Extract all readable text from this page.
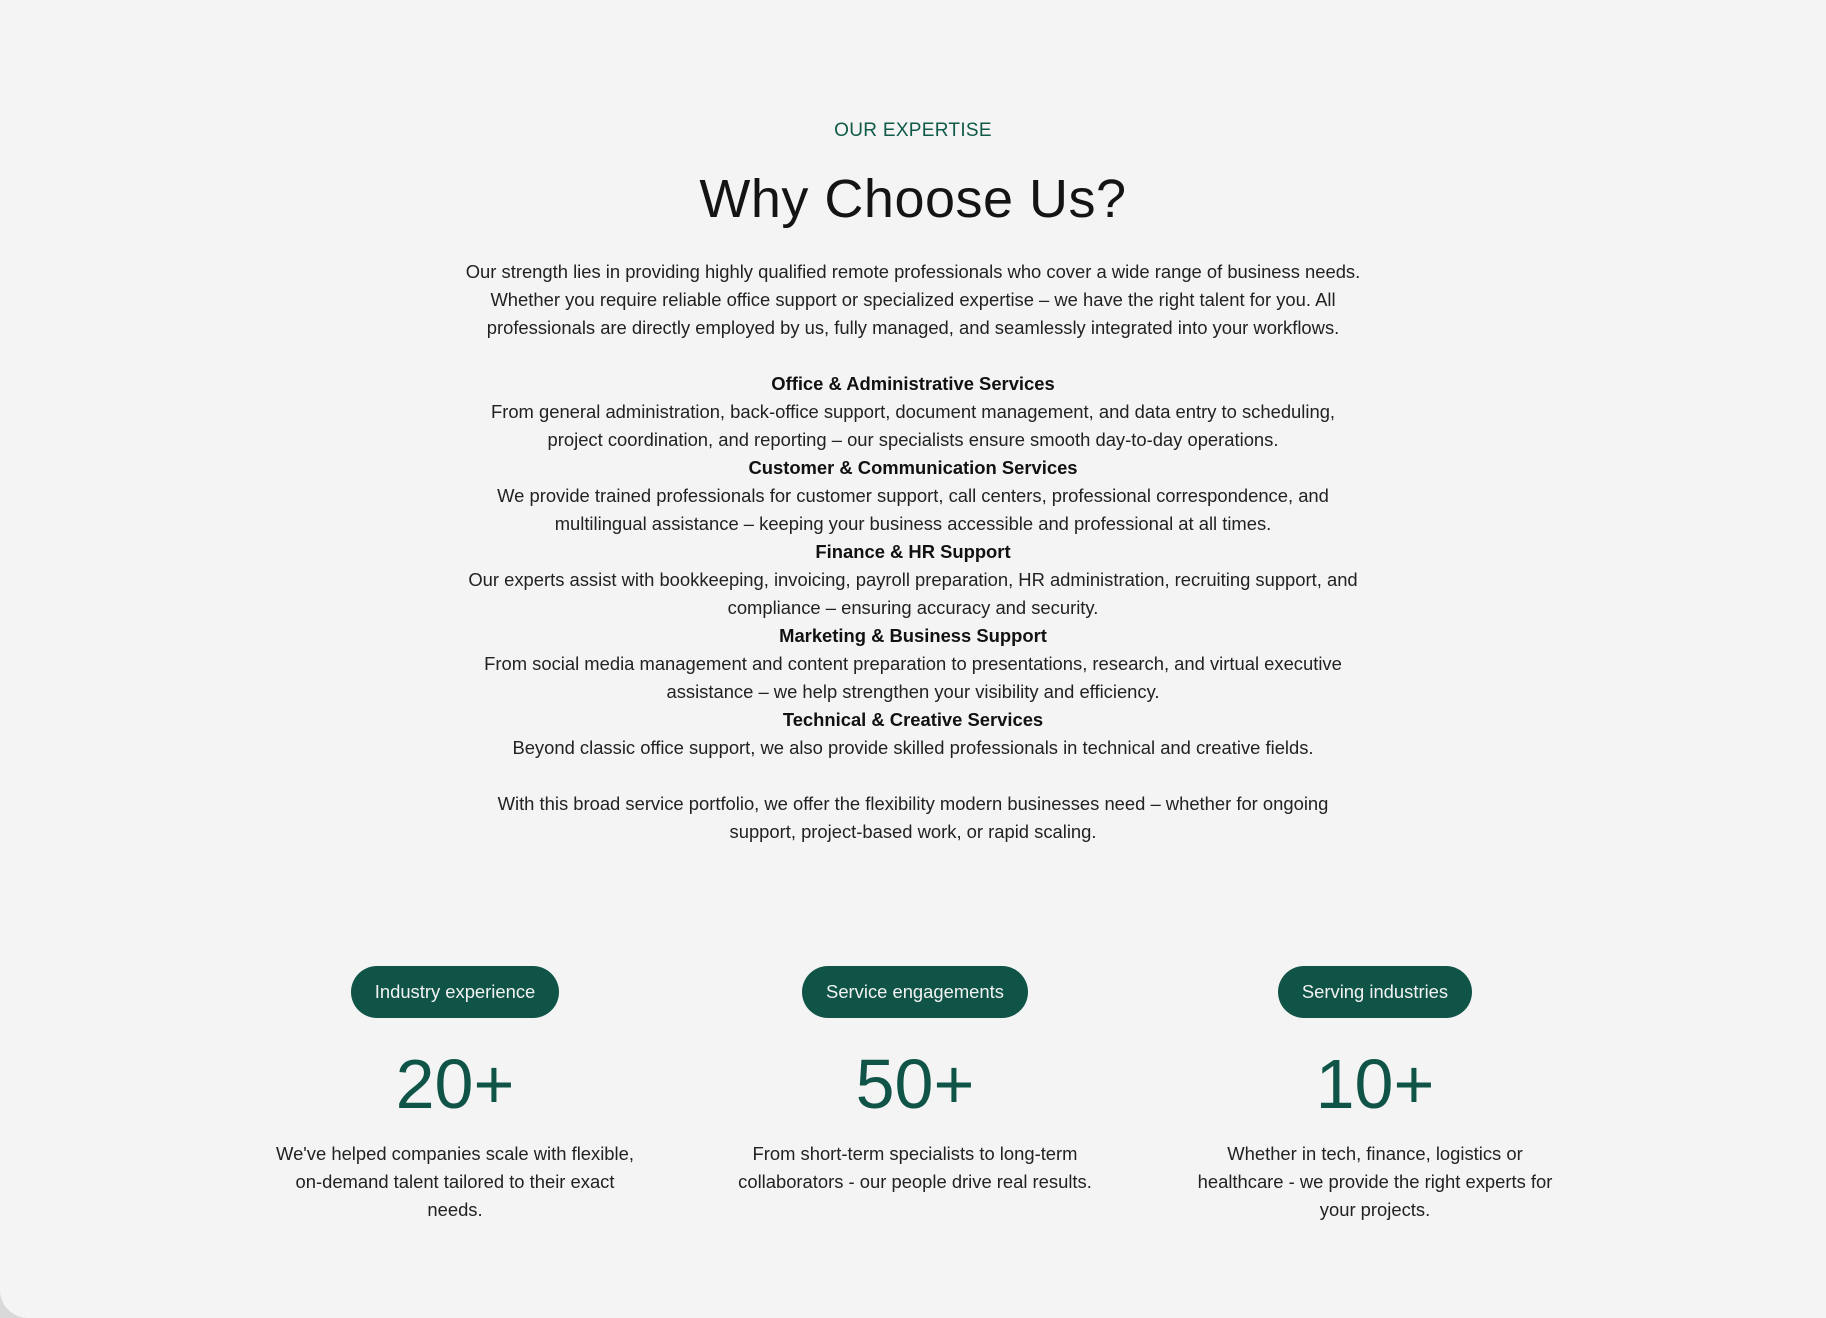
OUR EXPERTISE
Why Choose Us?

Our strength lies in providing highly qualified remote professionals who cover a wide range of business needs. Whether you require reliable office support or specialized expertise – we have the right talent for you. All professionals are directly employed by us, fully managed, and seamlessly integrated into your workflows.

Office & Administrative Services

From general administration, back-office support, document management, and data entry to scheduling, project coordination, and reporting – our specialists ensure smooth day-to-day operations.

Customer & Communication Services

We provide trained professionals for customer support, call centers, professional correspondence, and multilingual assistance – keeping your business accessible and professional at all times.

Finance & HR Support

Our experts assist with bookkeeping, invoicing, payroll preparation, HR administration, recruiting support, and compliance – ensuring accuracy and security.

Marketing & Business Support

From social media management and content preparation to presentations, research, and virtual executive assistance – we help strengthen your visibility and efficiency.

Technical & Creative Services

Beyond classic office support, we also provide skilled professionals in technical and creative fields.

With this broad service portfolio, we offer the flexibility modern businesses need – whether for ongoing support, project-based work, or rapid scaling.

Industry experience
20+
We've helped companies scale with flexible, on-demand talent tailored to their exact needs.
Service engagements
50+
From short-term specialists to long-term collaborators - our people drive real results.
Serving industries
10+
Whether in tech, finance, logistics or healthcare - we provide the right experts for your projects.
